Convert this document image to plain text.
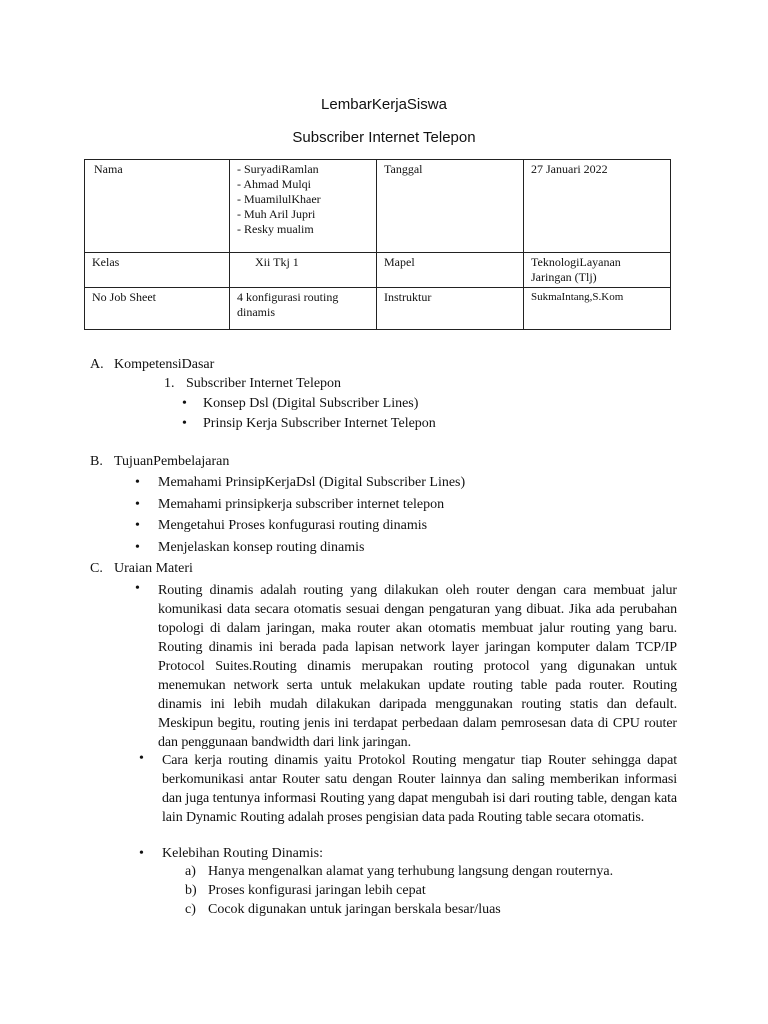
LembarKerjaSiswa
Subscriber Internet Telepon
Nama	- SuryadiRamlan
- Ahmad Mulqi
- MuamilulKhaer
- Muh Aril Jupri
- Resky mualim	Tanggal	27 Januari 2022
Kelas	Xii Tkj 1	Mapel	TeknologiLayanan Jaringan (Tlj)
No Job Sheet	4 konfigurasi routing dinamis	Instruktur	SukmaIntang,S.Kom
A. KompetensiDasar
1. Subscriber Internet Telepon
• Konsep Dsl (Digital Subscriber Lines)
• Prinsip Kerja Subscriber Internet Telepon
B. TujuanPembelajaran
• Memahami PrinsipKerjaDsl (Digital Subscriber Lines)
• Memahami prinsipkerja subscriber internet telepon
• Mengetahui Proses konfugurasi routing dinamis
• Menjelaskan konsep routing dinamis
C. Uraian Materi
• Routing dinamis adalah routing yang dilakukan oleh router dengan cara membuat jalur komunikasi data secara otomatis sesuai dengan pengaturan yang dibuat. Jika ada perubahan topologi di dalam jaringan, maka router akan otomatis membuat jalur routing yang baru. Routing dinamis ini berada pada lapisan network layer jaringan komputer dalam TCP/IP Protocol Suites.Routing dinamis merupakan routing protocol yang digunakan untuk menemukan network serta untuk melakukan update routing table pada router. Routing dinamis ini lebih mudah dilakukan daripada menggunakan routing statis dan default. Meskipun begitu, routing jenis ini terdapat perbedaan dalam pemrosesan data di CPU router dan penggunaan bandwidth dari link jaringan.
• Cara kerja routing dinamis yaitu Protokol Routing mengatur tiap Router sehingga dapat berkomunikasi antar Router satu dengan Router lainnya dan saling memberikan informasi dan juga tentunya informasi Routing yang dapat mengubah isi dari routing table, dengan kata lain Dynamic Routing adalah proses pengisian data pada Routing table secara otomatis.
• Kelebihan Routing Dinamis:
a) Hanya mengenalkan alamat yang terhubung langsung dengan routernya.
b) Proses konfigurasi jaringan lebih cepat
c) Cocok digunakan untuk jaringan berskala besar/luas
